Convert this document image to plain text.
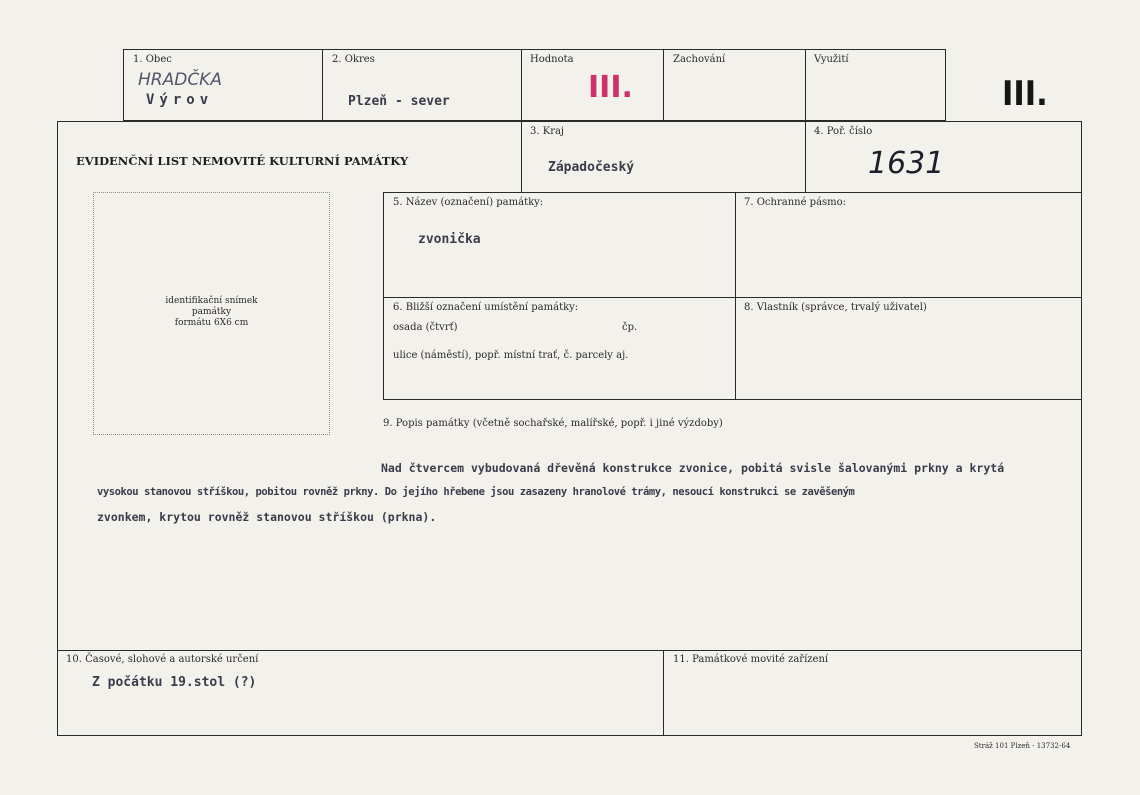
1. Obec
HRADČKA
Výrov
2. Okres
Plzeň - sever
Hodnota
III.
Zachování	Využití
III.
EVIDENČNÍ LIST NEMOVITÉ KULTURNÍ PAMÁTKY
3. Kraj
Západočeský
4. Poř. číslo
1631
identifikační snímek
památky
formátu 6X6 cm
5. Název (označení) památky:
zvonička
7. Ochranné pásmo:
6. Bližší označení umístění památky:
osada (čtvrť)	čp.
ulice (náměstí), popř. místní trať, č. parcely aj.
8. Vlastník (správce, trvalý uživatel)
9. Popis památky (včetně sochařské, malířské, popř. i jiné výzdoby)
Nad čtvercem vybudovaná dřevěná konstrukce zvonice, pobitá svisle šalovanými prkny a krytá
vysokou stanovou stříškou, pobitou rovněž prkny. Do jejího hřebene jsou zasazeny hranolové trámy, nesoucí konstrukci se zavěšeným
zvonkem, krytou rovněž stanovou stříškou (prkna).
10. Časové, slohové a autorské určení
Z počátku 19.stol (?)
11. Památkové movité zařízení
Stráž 101 Plzeň - 13732-64
